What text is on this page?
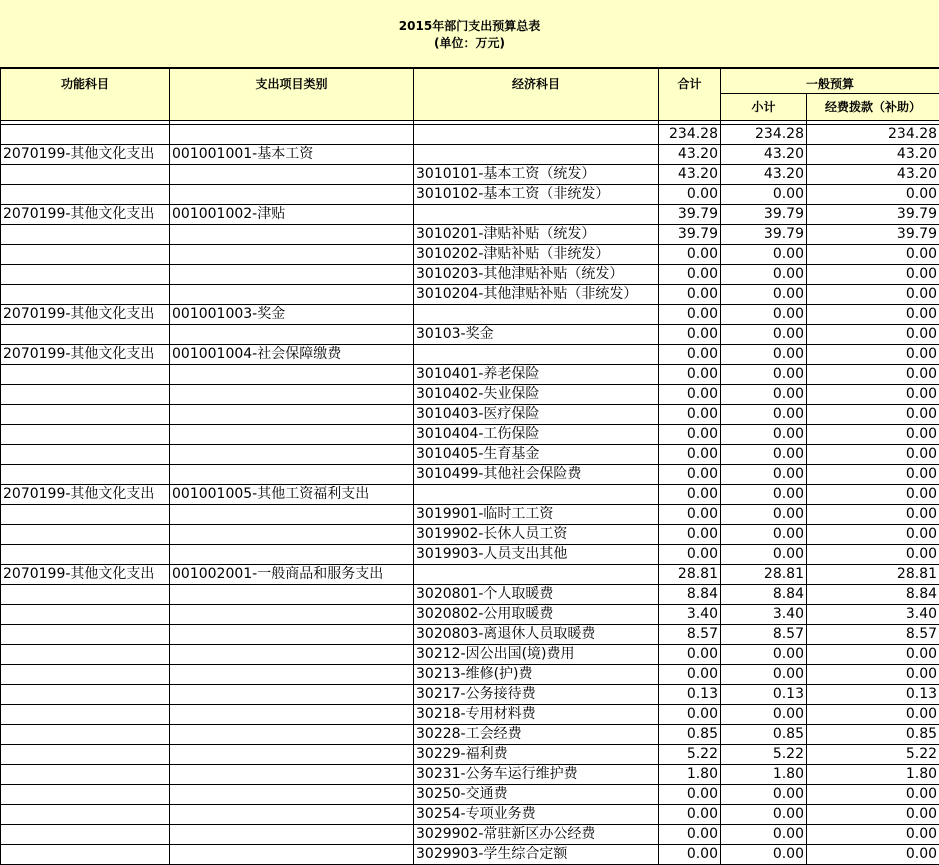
2015年部门支出预算总表
(单位：万元)
功能科目	支出项目类别	经济科目	合计	一般预算	
				小计	经费拨款（补助）

			234.28	234.28	234.28
2070199-其他文化支出	001001001-基本工资		43.20	43.20	43.20
		3010101-基本工资（统发）	43.20	43.20	43.20
		3010102-基本工资（非统发）	0.00	0.00	0.00
2070199-其他文化支出	001001002-津贴		39.79	39.79	39.79
		3010201-津贴补贴（统发）	39.79	39.79	39.79
		3010202-津贴补贴（非统发）	0.00	0.00	0.00
		3010203-其他津贴补贴（统发）	0.00	0.00	0.00
		3010204-其他津贴补贴（非统发）	0.00	0.00	0.00
2070199-其他文化支出	001001003-奖金		0.00	0.00	0.00
		30103-奖金	0.00	0.00	0.00
2070199-其他文化支出	001001004-社会保障缴费		0.00	0.00	0.00
		3010401-养老保险	0.00	0.00	0.00
		3010402-失业保险	0.00	0.00	0.00
		3010403-医疗保险	0.00	0.00	0.00
		3010404-工伤保险	0.00	0.00	0.00
		3010405-生育基金	0.00	0.00	0.00
		3010499-其他社会保险费	0.00	0.00	0.00
2070199-其他文化支出	001001005-其他工资福利支出		0.00	0.00	0.00
		3019901-临时工工资	0.00	0.00	0.00
		3019902-长休人员工资	0.00	0.00	0.00
		3019903-人员支出其他	0.00	0.00	0.00
2070199-其他文化支出	001002001-一般商品和服务支出		28.81	28.81	28.81
		3020801-个人取暖费	8.84	8.84	8.84
		3020802-公用取暖费	3.40	3.40	3.40
		3020803-离退休人员取暖费	8.57	8.57	8.57
		30212-因公出国(境)费用	0.00	0.00	0.00
		30213-维修(护)费	0.00	0.00	0.00
		30217-公务接待费	0.13	0.13	0.13
		30218-专用材料费	0.00	0.00	0.00
		30228-工会经费	0.85	0.85	0.85
		30229-福利费	5.22	5.22	5.22
		30231-公务车运行维护费	1.80	1.80	1.80
		30250-交通费	0.00	0.00	0.00
		30254-专项业务费	0.00	0.00	0.00
		3029902-常驻新区办公经费	0.00	0.00	0.00
		3029903-学生综合定额	0.00	0.00	0.00
